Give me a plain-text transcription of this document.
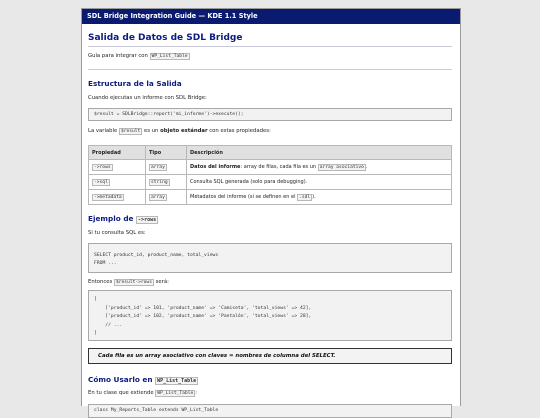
SDL Bridge Integration Guide — KDE 1.1 Style
Salida de Datos de SDL Bridge

Guía para integrar con WP_List_Table

Estructura de la Salida

Cuando ejecutas un informe con SDL Bridge:

$result = SDLBridge::report('mi_informe')->execute();

La variable $result es un objeto estándar con estas propiedades:

Propiedad	Tipo	Descripción
->rows	array	Datos del informe: array de filas, cada fila es un array asociativo .
->sql	string	Consulta SQL generada (solo para debugging).
->metadata	array	Metadatos del informe (si se definen en el .sdl ).
Ejemplo de ->rows

Si tu consulta SQL es:

SELECT product_id, product_name, total_views
FROM ...

Entonces $result->rows será:

[
['product_id' => 101, 'product_name' => 'Camiseta', 'total_views' => 42],
['product_id' => 102, 'product_name' => 'Pantalón', 'total_views' => 28],
// ...
]
Cada fila es un array asociativo con claves = nombres de columna del SELECT.
Cómo Usarlo en WP_List_Table

En tu clase que extiende WP_List_Table :

class My_Reports_Table extends WP_List_Table
